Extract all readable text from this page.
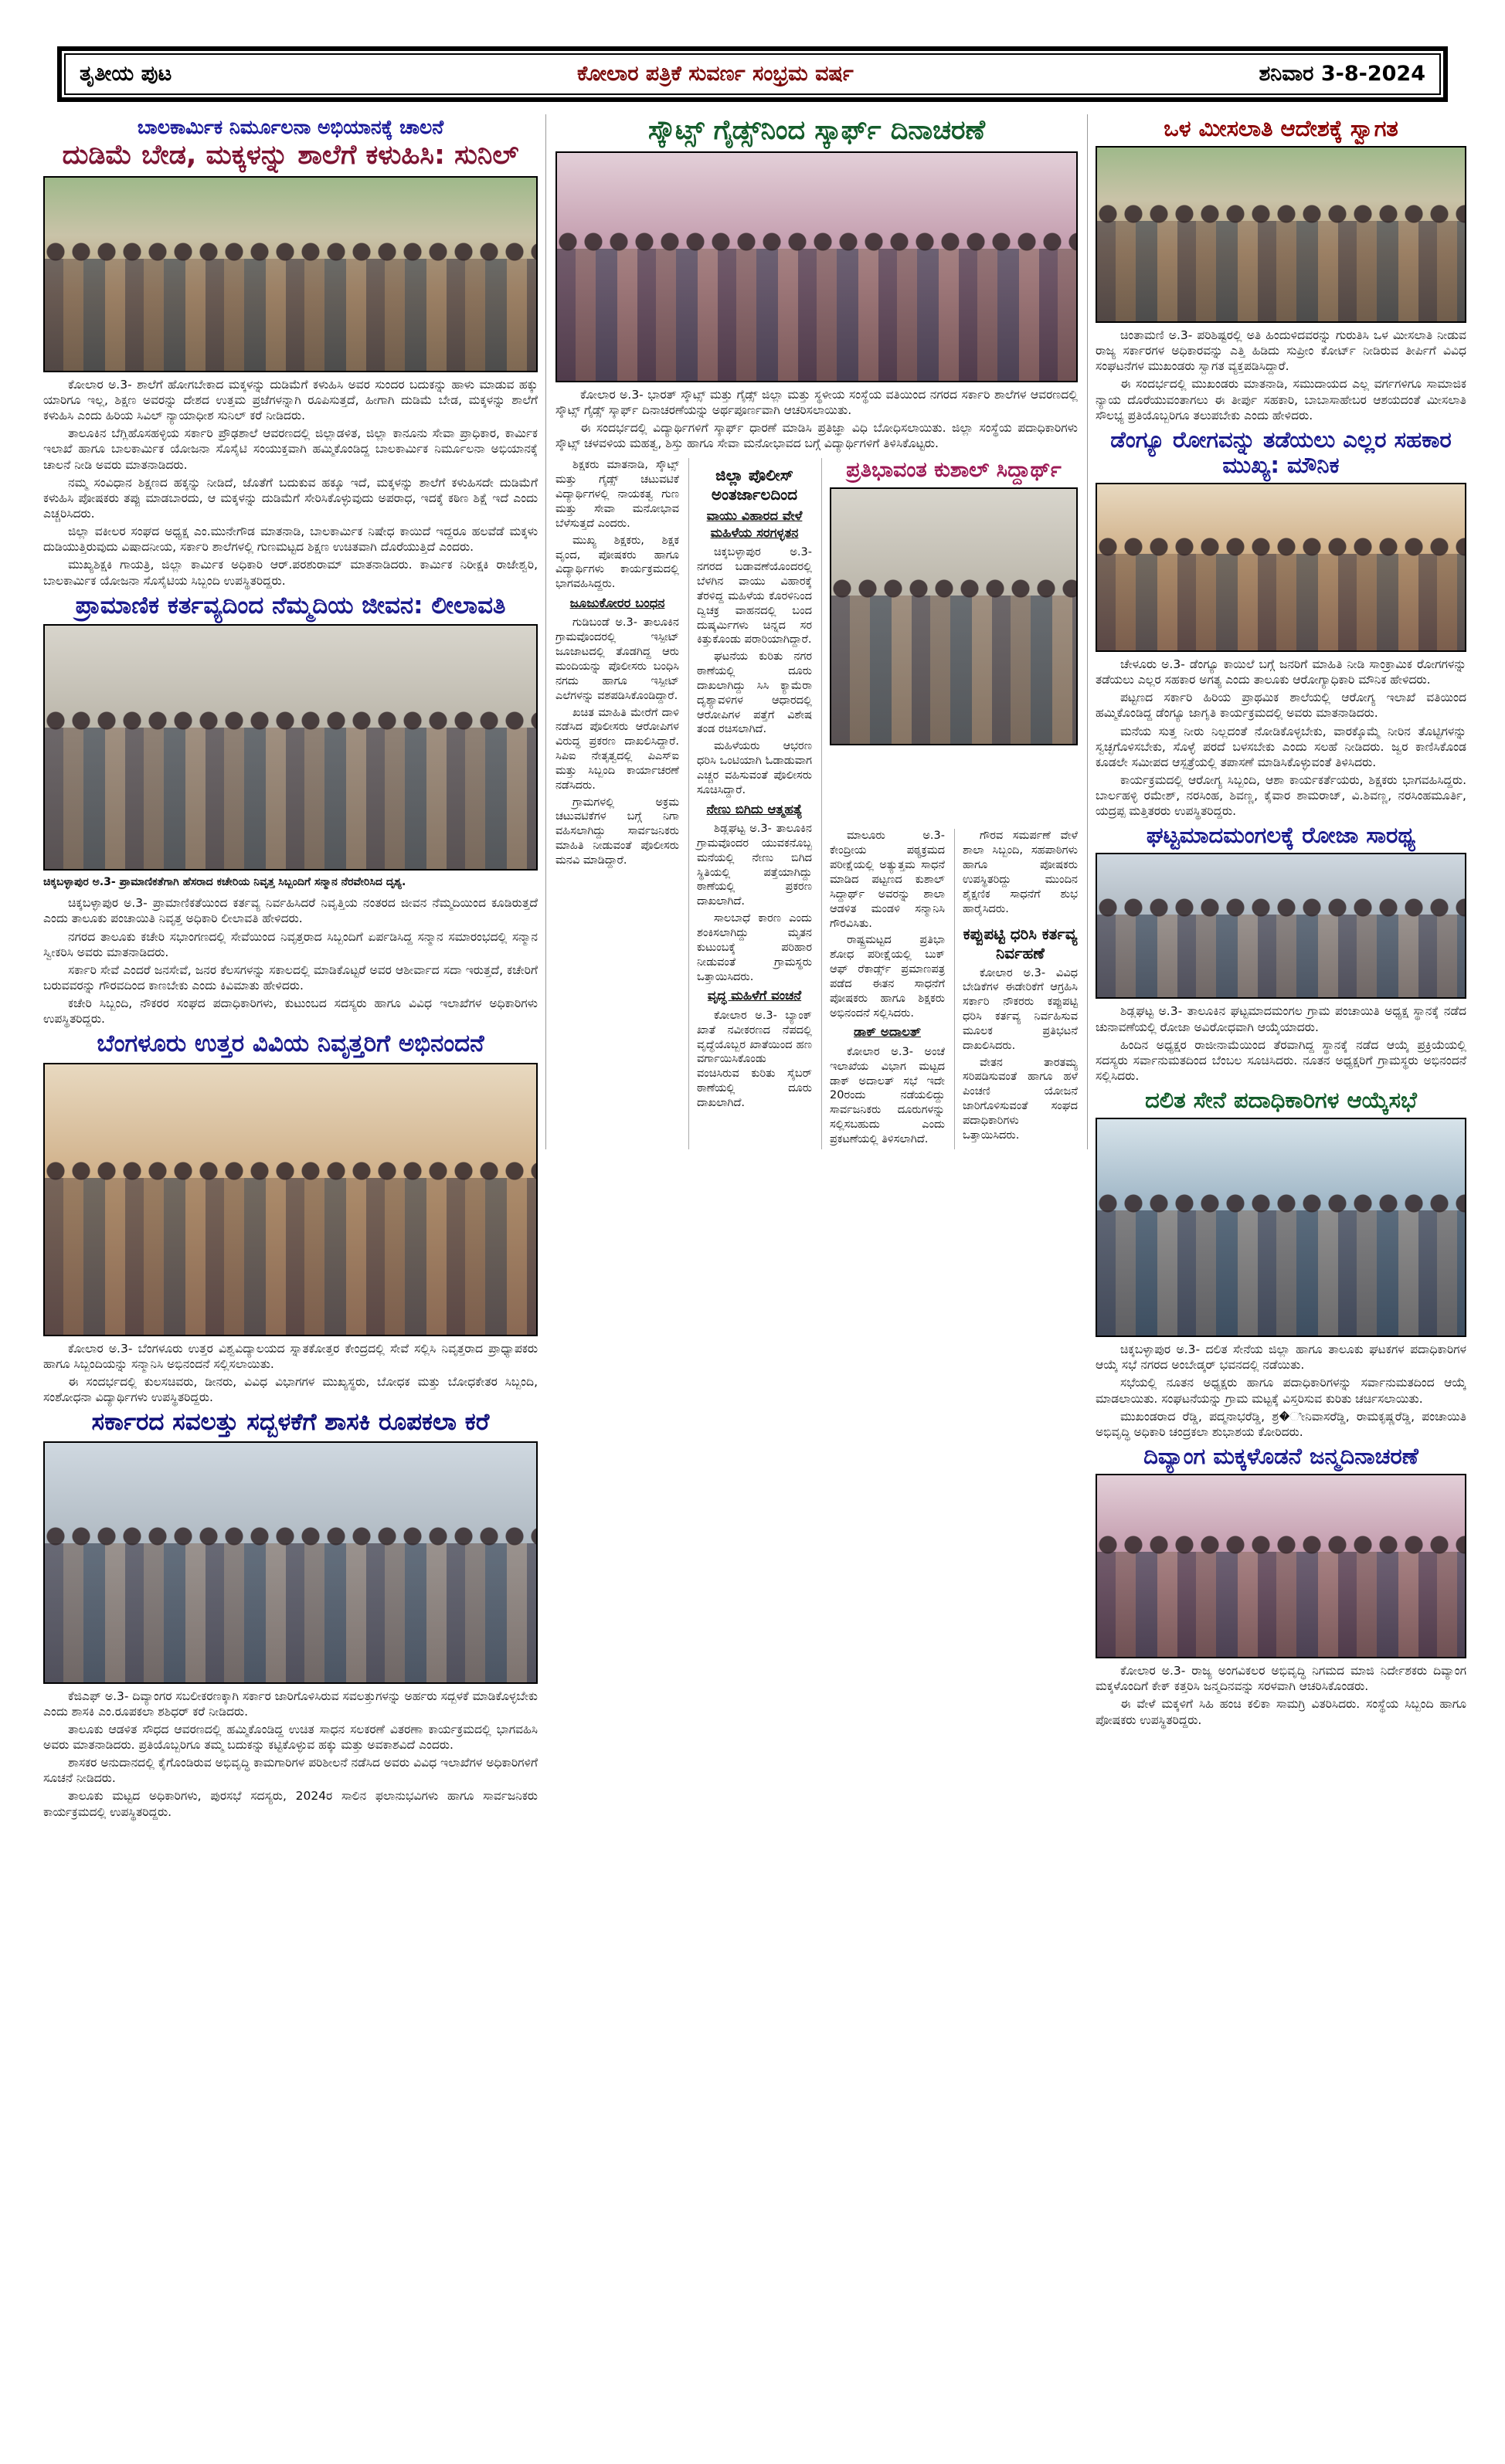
ತೃತೀಯ ಪುಟ	ಕೋಲಾರ ಪತ್ರಿಕೆ ಸುವರ್ಣ ಸಂಭ್ರಮ ವರ್ಷ	ಶನಿವಾರ 3-8-2024
ಬಾಲಕಾರ್ಮಿಕ ನಿರ್ಮೂಲನಾ ಅಭಿಯಾನಕ್ಕೆ ಚಾಲನೆ
ದುಡಿಮೆ ಬೇಡ, ಮಕ್ಕಳನ್ನು ಶಾಲೆಗೆ ಕಳುಹಿಸಿ: ಸುನಿಲ್

ಕೋಲಾರ ಅ.3- ಶಾಲೆಗೆ ಹೋಗಬೇಕಾದ ಮಕ್ಕಳನ್ನು ದುಡಿಮೆಗೆ ಕಳುಹಿಸಿ ಅವರ ಸುಂದರ ಬದುಕನ್ನು ಹಾಳು ಮಾಡುವ ಹಕ್ಕು ಯಾರಿಗೂ ಇಲ್ಲ, ಶಿಕ್ಷಣ ಅವರನ್ನು ದೇಶದ ಉತ್ತಮ ಪ್ರಜೆಗಳನ್ನಾಗಿ ರೂಪಿಸುತ್ತದೆ, ಹೀಗಾಗಿ ದುಡಿಮೆ ಬೇಡ, ಮಕ್ಕಳನ್ನು ಶಾಲೆಗೆ ಕಳುಹಿಸಿ ಎಂದು ಹಿರಿಯ ಸಿವಿಲ್ ನ್ಯಾಯಾಧೀಶ ಸುನಿಲ್ ಕರೆ ನೀಡಿದರು.

ತಾಲೂಕಿನ ಬೆಗ್ಲಿಹೊಸಹಳ್ಳಿಯ ಸರ್ಕಾರಿ ಪ್ರೌಢಶಾಲೆ ಆವರಣದಲ್ಲಿ ಜಿಲ್ಲಾಡಳಿತ, ಜಿಲ್ಲಾ ಕಾನೂನು ಸೇವಾ ಪ್ರಾಧಿಕಾರ, ಕಾರ್ಮಿಕ ಇಲಾಖೆ ಹಾಗೂ ಬಾಲಕಾರ್ಮಿಕ ಯೋಜನಾ ಸೊಸೈಟಿ ಸಂಯುಕ್ತವಾಗಿ ಹಮ್ಮಿಕೊಂಡಿದ್ದ ಬಾಲಕಾರ್ಮಿಕ ನಿರ್ಮೂಲನಾ ಅಭಿಯಾನಕ್ಕೆ ಚಾಲನೆ ನೀಡಿ ಅವರು ಮಾತನಾಡಿದರು.

ನಮ್ಮ ಸಂವಿಧಾನ ಶಿಕ್ಷಣದ ಹಕ್ಕನ್ನು ನೀಡಿದೆ, ಜೊತೆಗೆ ಬದುಕುವ ಹಕ್ಕೂ ಇದೆ, ಮಕ್ಕಳನ್ನು ಶಾಲೆಗೆ ಕಳುಹಿಸದೇ ದುಡಿಮೆಗೆ ಕಳುಹಿಸಿ ಪೋಷಕರು ತಪ್ಪು ಮಾಡಬಾರದು, ಆ ಮಕ್ಕಳನ್ನು ದುಡಿಮೆಗೆ ಸೇರಿಸಿಕೊಳ್ಳುವುದು ಅಪರಾಧ, ಇದಕ್ಕೆ ಕಠಿಣ ಶಿಕ್ಷೆ ಇದೆ ಎಂದು ಎಚ್ಚರಿಸಿದರು.

ಜಿಲ್ಲಾ ವಕೀಲರ ಸಂಘದ ಅಧ್ಯಕ್ಷ ಎಂ.ಮುನೇಗೌಡ ಮಾತನಾಡಿ, ಬಾಲಕಾರ್ಮಿಕ ನಿಷೇಧ ಕಾಯಿದೆ ಇದ್ದರೂ ಹಲವೆಡೆ ಮಕ್ಕಳು ದುಡಿಯುತ್ತಿರುವುದು ವಿಷಾದನೀಯ, ಸರ್ಕಾರಿ ಶಾಲೆಗಳಲ್ಲಿ ಗುಣಮಟ್ಟದ ಶಿಕ್ಷಣ ಉಚಿತವಾಗಿ ದೊರೆಯುತ್ತಿದೆ ಎಂದರು.

ಮುಖ್ಯಶಿಕ್ಷಕಿ ಗಾಯತ್ರಿ, ಜಿಲ್ಲಾ ಕಾರ್ಮಿಕ ಅಧಿಕಾರಿ ಆರ್.ಪರಶುರಾಮ್ ಮಾತನಾಡಿದರು. ಕಾರ್ಮಿಕ ನಿರೀಕ್ಷಕಿ ರಾಜೇಶ್ವರಿ, ಬಾಲಕಾರ್ಮಿಕ ಯೋಜನಾ ಸೊಸೈಟಿಯ ಸಿಬ್ಬಂದಿ ಉಪಸ್ಥಿತರಿದ್ದರು.

ಪ್ರಾಮಾಣಿಕ ಕರ್ತವ್ಯದಿಂದ ನೆಮ್ಮದಿಯ ಜೀವನ: ಲೀಲಾವತಿ
ಚಿಕ್ಕಬಳ್ಳಾಪುರ ಅ.3- ಪ್ರಾಮಾಣಿಕತೆಗಾಗಿ ಹೆಸರಾದ ಕಚೇರಿಯ ನಿವೃತ್ತ ಸಿಬ್ಬಂದಿಗೆ ಸನ್ಮಾನ ನೆರವೇರಿಸಿದ ದೃಶ್ಯ.

ಚಿಕ್ಕಬಳ್ಳಾಪುರ ಅ.3- ಪ್ರಾಮಾಣಿಕತೆಯಿಂದ ಕರ್ತವ್ಯ ನಿರ್ವಹಿಸಿದರೆ ನಿವೃತ್ತಿಯ ನಂತರದ ಜೀವನ ನೆಮ್ಮದಿಯಿಂದ ಕೂಡಿರುತ್ತದೆ ಎಂದು ತಾಲೂಕು ಪಂಚಾಯಿತಿ ನಿವೃತ್ತ ಅಧಿಕಾರಿ ಲೀಲಾವತಿ ಹೇಳಿದರು.

ನಗರದ ತಾಲೂಕು ಕಚೇರಿ ಸಭಾಂಗಣದಲ್ಲಿ ಸೇವೆಯಿಂದ ನಿವೃತ್ತರಾದ ಸಿಬ್ಬಂದಿಗೆ ಏರ್ಪಡಿಸಿದ್ದ ಸನ್ಮಾನ ಸಮಾರಂಭದಲ್ಲಿ ಸನ್ಮಾನ ಸ್ವೀಕರಿಸಿ ಅವರು ಮಾತನಾಡಿದರು.

ಸರ್ಕಾರಿ ಸೇವೆ ಎಂದರೆ ಜನಸೇವೆ, ಜನರ ಕೆಲಸಗಳನ್ನು ಸಕಾಲದಲ್ಲಿ ಮಾಡಿಕೊಟ್ಟರೆ ಅವರ ಆಶೀರ್ವಾದ ಸದಾ ಇರುತ್ತದೆ, ಕಚೇರಿಗೆ ಬರುವವರನ್ನು ಗೌರವದಿಂದ ಕಾಣಬೇಕು ಎಂದು ಕಿವಿಮಾತು ಹೇಳಿದರು.

ಕಚೇರಿ ಸಿಬ್ಬಂದಿ, ನೌಕರರ ಸಂಘದ ಪದಾಧಿಕಾರಿಗಳು, ಕುಟುಂಬದ ಸದಸ್ಯರು ಹಾಗೂ ವಿವಿಧ ಇಲಾಖೆಗಳ ಅಧಿಕಾರಿಗಳು ಉಪಸ್ಥಿತರಿದ್ದರು.

ಬೆಂಗಳೂರು ಉತ್ತರ ವಿವಿಯ ನಿವೃತ್ತರಿಗೆ ಅಭಿನಂದನೆ

ಕೋಲಾರ ಅ.3- ಬೆಂಗಳೂರು ಉತ್ತರ ವಿಶ್ವವಿದ್ಯಾಲಯದ ಸ್ನಾತಕೋತ್ತರ ಕೇಂದ್ರದಲ್ಲಿ ಸೇವೆ ಸಲ್ಲಿಸಿ ನಿವೃತ್ತರಾದ ಪ್ರಾಧ್ಯಾಪಕರು ಹಾಗೂ ಸಿಬ್ಬಂದಿಯನ್ನು ಸನ್ಮಾನಿಸಿ ಅಭಿನಂದನೆ ಸಲ್ಲಿಸಲಾಯಿತು.

ಈ ಸಂದರ್ಭದಲ್ಲಿ ಕುಲಸಚಿವರು, ಡೀನರು, ವಿವಿಧ ವಿಭಾಗಗಳ ಮುಖ್ಯಸ್ಥರು, ಬೋಧಕ ಮತ್ತು ಬೋಧಕೇತರ ಸಿಬ್ಬಂದಿ, ಸಂಶೋಧನಾ ವಿದ್ಯಾರ್ಥಿಗಳು ಉಪಸ್ಥಿತರಿದ್ದರು.

ಸರ್ಕಾರದ ಸವಲತ್ತು ಸದ್ಬಳಕೆಗೆ ಶಾಸಕಿ ರೂಪಕಲಾ ಕರೆ

ಕೆಜಿಎಫ್ ಅ.3- ದಿವ್ಯಾಂಗರ ಸಬಲೀಕರಣಕ್ಕಾಗಿ ಸರ್ಕಾರ ಜಾರಿಗೊಳಿಸಿರುವ ಸವಲತ್ತುಗಳನ್ನು ಅರ್ಹರು ಸದ್ಬಳಕೆ ಮಾಡಿಕೊಳ್ಳಬೇಕು ಎಂದು ಶಾಸಕಿ ಎಂ.ರೂಪಕಲಾ ಶಶಿಧರ್ ಕರೆ ನೀಡಿದರು.

ತಾಲೂಕು ಆಡಳಿತ ಸೌಧದ ಆವರಣದಲ್ಲಿ ಹಮ್ಮಿಕೊಂಡಿದ್ದ ಉಚಿತ ಸಾಧನ ಸಲಕರಣೆ ವಿತರಣಾ ಕಾರ್ಯಕ್ರಮದಲ್ಲಿ ಭಾಗವಹಿಸಿ ಅವರು ಮಾತನಾಡಿದರು. ಪ್ರತಿಯೊಬ್ಬರಿಗೂ ತಮ್ಮ ಬದುಕನ್ನು ಕಟ್ಟಿಕೊಳ್ಳುವ ಹಕ್ಕು ಮತ್ತು ಅವಕಾಶವಿದೆ ಎಂದರು.

ಶಾಸಕರ ಅನುದಾನದಲ್ಲಿ ಕೈಗೊಂಡಿರುವ ಅಭಿವೃದ್ಧಿ ಕಾಮಗಾರಿಗಳ ಪರಿಶೀಲನೆ ನಡೆಸಿದ ಅವರು ವಿವಿಧ ಇಲಾಖೆಗಳ ಅಧಿಕಾರಿಗಳಿಗೆ ಸೂಚನೆ ನೀಡಿದರು.

ತಾಲೂಕು ಮಟ್ಟದ ಅಧಿಕಾರಿಗಳು, ಪುರಸಭೆ ಸದಸ್ಯರು, 2024ರ ಸಾಲಿನ ಫಲಾನುಭವಿಗಳು ಹಾಗೂ ಸಾರ್ವಜನಿಕರು ಕಾರ್ಯಕ್ರಮದಲ್ಲಿ ಉಪಸ್ಥಿತರಿದ್ದರು.

ಸ್ಕೌಟ್ಸ್ ಗೈಡ್ಸ್‌ನಿಂದ ಸ್ಕಾರ್ಫ್ ದಿನಾಚರಣೆ

ಕೋಲಾರ ಅ.3- ಭಾರತ್ ಸ್ಕೌಟ್ಸ್ ಮತ್ತು ಗೈಡ್ಸ್ ಜಿಲ್ಲಾ ಮತ್ತು ಸ್ಥಳೀಯ ಸಂಸ್ಥೆಯ ವತಿಯಿಂದ ನಗರದ ಸರ್ಕಾರಿ ಶಾಲೆಗಳ ಆವರಣದಲ್ಲಿ ಸ್ಕೌಟ್ಸ್ ಗೈಡ್ಸ್ ಸ್ಕಾರ್ಫ್ ದಿನಾಚರಣೆಯನ್ನು ಅರ್ಥಪೂರ್ಣವಾಗಿ ಆಚರಿಸಲಾಯಿತು.

ಈ ಸಂದರ್ಭದಲ್ಲಿ ವಿದ್ಯಾರ್ಥಿಗಳಿಗೆ ಸ್ಕಾರ್ಫ್ ಧಾರಣೆ ಮಾಡಿಸಿ ಪ್ರತಿಜ್ಞಾ ವಿಧಿ ಬೋಧಿಸಲಾಯಿತು. ಜಿಲ್ಲಾ ಸಂಸ್ಥೆಯ ಪದಾಧಿಕಾರಿಗಳು ಸ್ಕೌಟ್ಸ್ ಚಳವಳಿಯ ಮಹತ್ವ, ಶಿಸ್ತು ಹಾಗೂ ಸೇವಾ ಮನೋಭಾವದ ಬಗ್ಗೆ ವಿದ್ಯಾರ್ಥಿಗಳಿಗೆ ತಿಳಿಸಿಕೊಟ್ಟರು.

ಶಿಕ್ಷಕರು ಮಾತನಾಡಿ, ಸ್ಕೌಟ್ಸ್ ಮತ್ತು ಗೈಡ್ಸ್ ಚಟುವಟಿಕೆ ವಿದ್ಯಾರ್ಥಿಗಳಲ್ಲಿ ನಾಯಕತ್ವ ಗುಣ ಮತ್ತು ಸೇವಾ ಮನೋಭಾವ ಬೆಳೆಸುತ್ತದೆ ಎಂದರು.

ಮುಖ್ಯ ಶಿಕ್ಷಕರು, ಶಿಕ್ಷಕ ವೃಂದ, ಪೋಷಕರು ಹಾಗೂ ವಿದ್ಯಾರ್ಥಿಗಳು ಕಾರ್ಯಕ್ರಮದಲ್ಲಿ ಭಾಗವಹಿಸಿದ್ದರು.

ಜೂಜುಕೋರರ ಬಂಧನ

ಗುಡಿಬಂಡೆ ಅ.3- ತಾಲೂಕಿನ ಗ್ರಾಮವೊಂದರಲ್ಲಿ ಇಸ್ಪೀಟ್ ಜೂಜಾಟದಲ್ಲಿ ತೊಡಗಿದ್ದ ಆರು ಮಂದಿಯನ್ನು ಪೊಲೀಸರು ಬಂಧಿಸಿ ನಗದು ಹಾಗೂ ಇಸ್ಪೀಟ್ ಎಲೆಗಳನ್ನು ವಶಪಡಿಸಿಕೊಂಡಿದ್ದಾರೆ.

ಖಚಿತ ಮಾಹಿತಿ ಮೇರೆಗೆ ದಾಳಿ ನಡೆಸಿದ ಪೊಲೀಸರು ಆರೋಪಿಗಳ ವಿರುದ್ಧ ಪ್ರಕರಣ ದಾಖಲಿಸಿದ್ದಾರೆ. ಸಿಪಿಐ ನೇತೃತ್ವದಲ್ಲಿ ಪಿಎಸ್ಐ ಮತ್ತು ಸಿಬ್ಬಂದಿ ಕಾರ್ಯಾಚರಣೆ ನಡೆಸಿದರು.

ಗ್ರಾಮಗಳಲ್ಲಿ ಅಕ್ರಮ ಚಟುವಟಿಕೆಗಳ ಬಗ್ಗೆ ನಿಗಾ ವಹಿಸಲಾಗಿದ್ದು ಸಾರ್ವಜನಿಕರು ಮಾಹಿತಿ ನೀಡುವಂತೆ ಪೊಲೀಸರು ಮನವಿ ಮಾಡಿದ್ದಾರೆ.

ಜಿಲ್ಲಾ ಪೊಲೀಸ್ ಅಂತರ್ಜಾಲದಿಂದ
ವಾಯು ವಿಹಾರದ ವೇಳೆ ಮಹಿಳೆಯ ಸರಗಳ್ಳತನ

ಚಿಕ್ಕಬಳ್ಳಾಪುರ ಅ.3- ನಗರದ ಬಡಾವಣೆಯೊಂದರಲ್ಲಿ ಬೆಳಗಿನ ವಾಯು ವಿಹಾರಕ್ಕೆ ತೆರಳಿದ್ದ ಮಹಿಳೆಯ ಕೊರಳಿನಿಂದ ದ್ವಿಚಕ್ರ ವಾಹನದಲ್ಲಿ ಬಂದ ದುಷ್ಕರ್ಮಿಗಳು ಚಿನ್ನದ ಸರ ಕಿತ್ತುಕೊಂಡು ಪರಾರಿಯಾಗಿದ್ದಾರೆ.

ಘಟನೆಯ ಕುರಿತು ನಗರ ಠಾಣೆಯಲ್ಲಿ ದೂರು ದಾಖಲಾಗಿದ್ದು ಸಿಸಿ ಕ್ಯಾಮೆರಾ ದೃಶ್ಯಾವಳಿಗಳ ಆಧಾರದಲ್ಲಿ ಆರೋಪಿಗಳ ಪತ್ತೆಗೆ ವಿಶೇಷ ತಂಡ ರಚಿಸಲಾಗಿದೆ.

ಮಹಿಳೆಯರು ಆಭರಣ ಧರಿಸಿ ಒಂಟಿಯಾಗಿ ಓಡಾಡುವಾಗ ಎಚ್ಚರ ವಹಿಸುವಂತೆ ಪೊಲೀಸರು ಸೂಚಿಸಿದ್ದಾರೆ.

ನೇಣು ಬಿಗಿದು ಆತ್ಮಹತ್ಯೆ

ಶಿಡ್ಲಘಟ್ಟ ಅ.3- ತಾಲೂಕಿನ ಗ್ರಾಮವೊಂದರ ಯುವಕನೊಬ್ಬ ಮನೆಯಲ್ಲಿ ನೇಣು ಬಿಗಿದ ಸ್ಥಿತಿಯಲ್ಲಿ ಪತ್ತೆಯಾಗಿದ್ದು ಠಾಣೆಯಲ್ಲಿ ಪ್ರಕರಣ ದಾಖಲಾಗಿದೆ.

ಸಾಲಬಾಧೆ ಕಾರಣ ಎಂದು ಶಂಕಿಸಲಾಗಿದ್ದು ಮೃತನ ಕುಟುಂಬಕ್ಕೆ ಪರಿಹಾರ ನೀಡುವಂತೆ ಗ್ರಾಮಸ್ಥರು ಒತ್ತಾಯಿಸಿದರು.

ವೃದ್ಧ ಮಹಿಳೆಗೆ ವಂಚನೆ

ಕೋಲಾರ ಅ.3- ಬ್ಯಾಂಕ್ ಖಾತೆ ನವೀಕರಣದ ನೆಪದಲ್ಲಿ ವೃದ್ಧೆಯೊಬ್ಬರ ಖಾತೆಯಿಂದ ಹಣ ವರ್ಗಾಯಿಸಿಕೊಂಡು ವಂಚಿಸಿರುವ ಕುರಿತು ಸೈಬರ್ ಠಾಣೆಯಲ್ಲಿ ದೂರು ದಾಖಲಾಗಿದೆ.

ಪ್ರತಿಭಾವಂತ ಕುಶಾಲ್ ಸಿದ್ದಾರ್ಥ್

ಮಾಲೂರು ಅ.3- ಕೇಂದ್ರೀಯ ಪಠ್ಯಕ್ರಮದ ಪರೀಕ್ಷೆಯಲ್ಲಿ ಅತ್ಯುತ್ತಮ ಸಾಧನೆ ಮಾಡಿದ ಪಟ್ಟಣದ ಕುಶಾಲ್ ಸಿದ್ದಾರ್ಥ್ ಅವರನ್ನು ಶಾಲಾ ಆಡಳಿತ ಮಂಡಳಿ ಸನ್ಮಾನಿಸಿ ಗೌರವಿಸಿತು.

ರಾಷ್ಟ್ರಮಟ್ಟದ ಪ್ರತಿಭಾ ಶೋಧ ಪರೀಕ್ಷೆಯಲ್ಲಿ ಬುಕ್ ಆಫ್ ರೆಕಾರ್ಡ್ಸ್ ಪ್ರಮಾಣಪತ್ರ ಪಡೆದ ಈತನ ಸಾಧನೆಗೆ ಪೋಷಕರು ಹಾಗೂ ಶಿಕ್ಷಕರು ಅಭಿನಂದನೆ ಸಲ್ಲಿಸಿದರು.

ಡಾಕ್ ಅದಾಲತ್

ಕೋಲಾರ ಅ.3- ಅಂಚೆ ಇಲಾಖೆಯ ವಿಭಾಗ ಮಟ್ಟದ ಡಾಕ್ ಅದಾಲತ್ ಸಭೆ ಇದೇ 20ರಂದು ನಡೆಯಲಿದ್ದು ಸಾರ್ವಜನಿಕರು ದೂರುಗಳನ್ನು ಸಲ್ಲಿಸಬಹುದು ಎಂದು ಪ್ರಕಟಣೆಯಲ್ಲಿ ತಿಳಿಸಲಾಗಿದೆ.

ಗೌರವ ಸಮರ್ಪಣೆ ವೇಳೆ ಶಾಲಾ ಸಿಬ್ಬಂದಿ, ಸಹಪಾಠಿಗಳು ಹಾಗೂ ಪೋಷಕರು ಉಪಸ್ಥಿತರಿದ್ದು ಮುಂದಿನ ಶೈಕ್ಷಣಿಕ ಸಾಧನೆಗೆ ಶುಭ ಹಾರೈಸಿದರು.

ಕಪ್ಪುಪಟ್ಟಿ ಧರಿಸಿ ಕರ್ತವ್ಯ ನಿರ್ವಹಣೆ

ಕೋಲಾರ ಅ.3- ವಿವಿಧ ಬೇಡಿಕೆಗಳ ಈಡೇರಿಕೆಗೆ ಆಗ್ರಹಿಸಿ ಸರ್ಕಾರಿ ನೌಕರರು ಕಪ್ಪುಪಟ್ಟಿ ಧರಿಸಿ ಕರ್ತವ್ಯ ನಿರ್ವಹಿಸುವ ಮೂಲಕ ಪ್ರತಿಭಟನೆ ದಾಖಲಿಸಿದರು.

ವೇತನ ತಾರತಮ್ಯ ಸರಿಪಡಿಸುವಂತೆ ಹಾಗೂ ಹಳೆ ಪಿಂಚಣಿ ಯೋಜನೆ ಜಾರಿಗೊಳಿಸುವಂತೆ ಸಂಘದ ಪದಾಧಿಕಾರಿಗಳು ಒತ್ತಾಯಿಸಿದರು.

ಒಳ ಮೀಸಲಾತಿ ಆದೇಶಕ್ಕೆ ಸ್ವಾಗತ

ಚಿಂತಾಮಣಿ ಅ.3- ಪರಿಶಿಷ್ಟರಲ್ಲಿ ಅತಿ ಹಿಂದುಳಿದವರನ್ನು ಗುರುತಿಸಿ ಒಳ ಮೀಸಲಾತಿ ನೀಡುವ ರಾಜ್ಯ ಸರ್ಕಾರಗಳ ಅಧಿಕಾರವನ್ನು ಎತ್ತಿ ಹಿಡಿದು ಸುಪ್ರೀಂ ಕೋರ್ಟ್ ನೀಡಿರುವ ತೀರ್ಪಿಗೆ ವಿವಿಧ ಸಂಘಟನೆಗಳ ಮುಖಂಡರು ಸ್ವಾಗತ ವ್ಯಕ್ತಪಡಿಸಿದ್ದಾರೆ.

ಈ ಸಂದರ್ಭದಲ್ಲಿ ಮುಖಂಡರು ಮಾತನಾಡಿ, ಸಮುದಾಯದ ಎಲ್ಲ ವರ್ಗಗಳಿಗೂ ಸಾಮಾಜಿಕ ನ್ಯಾಯ ದೊರೆಯುವಂತಾಗಲು ಈ ತೀರ್ಪು ಸಹಕಾರಿ, ಬಾಬಾಸಾಹೇಬರ ಆಶಯದಂತೆ ಮೀಸಲಾತಿ ಸೌಲಭ್ಯ ಪ್ರತಿಯೊಬ್ಬರಿಗೂ ತಲುಪಬೇಕು ಎಂದು ಹೇಳಿದರು.

ಡೆಂಗ್ಯೂ ರೋಗವನ್ನು ತಡೆಯಲು ಎಲ್ಲರ ಸಹಕಾರ ಮುಖ್ಯ: ಮೌನಿಕ

ಚೇಳೂರು ಅ.3- ಡೆಂಗ್ಯೂ ಕಾಯಿಲೆ ಬಗ್ಗೆ ಜನರಿಗೆ ಮಾಹಿತಿ ನೀಡಿ ಸಾಂಕ್ರಾಮಿಕ ರೋಗಗಳನ್ನು ತಡೆಯಲು ಎಲ್ಲರ ಸಹಕಾರ ಅಗತ್ಯ ಎಂದು ತಾಲೂಕು ಆರೋಗ್ಯಾಧಿಕಾರಿ ಮೌನಿಕ ಹೇಳಿದರು.

ಪಟ್ಟಣದ ಸರ್ಕಾರಿ ಹಿರಿಯ ಪ್ರಾಥಮಿಕ ಶಾಲೆಯಲ್ಲಿ ಆರೋಗ್ಯ ಇಲಾಖೆ ವತಿಯಿಂದ ಹಮ್ಮಿಕೊಂಡಿದ್ದ ಡೆಂಗ್ಯೂ ಜಾಗೃತಿ ಕಾರ್ಯಕ್ರಮದಲ್ಲಿ ಅವರು ಮಾತನಾಡಿದರು.

ಮನೆಯ ಸುತ್ತ ನೀರು ನಿಲ್ಲದಂತೆ ನೋಡಿಕೊಳ್ಳಬೇಕು, ವಾರಕ್ಕೊಮ್ಮೆ ನೀರಿನ ತೊಟ್ಟಿಗಳನ್ನು ಸ್ವಚ್ಛಗೊಳಿಸಬೇಕು, ಸೊಳ್ಳೆ ಪರದೆ ಬಳಸಬೇಕು ಎಂದು ಸಲಹೆ ನೀಡಿದರು. ಜ್ವರ ಕಾಣಿಸಿಕೊಂಡ ಕೂಡಲೇ ಸಮೀಪದ ಆಸ್ಪತ್ರೆಯಲ್ಲಿ ತಪಾಸಣೆ ಮಾಡಿಸಿಕೊಳ್ಳುವಂತೆ ತಿಳಿಸಿದರು.

ಕಾರ್ಯಕ್ರಮದಲ್ಲಿ ಆರೋಗ್ಯ ಸಿಬ್ಬಂದಿ, ಆಶಾ ಕಾರ್ಯಕರ್ತೆಯರು, ಶಿಕ್ಷಕರು ಭಾಗವಹಿಸಿದ್ದರು. ಬಾರ್ಲಹಳ್ಳಿ ರಮೇಶ್, ನರಸಿಂಹ, ಶಿವಣ್ಣ, ಕೈವಾರ ಶಾಮರಾಜ್, ವಿ.ಶಿವಣ್ಣ, ನರಸಿಂಹಮೂರ್ತಿ, ಯದ್ರಪ್ಪ ಮತ್ತಿತರರು ಉಪಸ್ಥಿತರಿದ್ದರು.

ಘಟ್ಟಮಾದಮಂಗಲಕ್ಕೆ ರೋಜಾ ಸಾರಥ್ಯ

ಶಿಡ್ಲಘಟ್ಟ ಅ.3- ತಾಲೂಕಿನ ಘಟ್ಟಮಾದಮಂಗಲ ಗ್ರಾಮ ಪಂಚಾಯಿತಿ ಅಧ್ಯಕ್ಷ ಸ್ಥಾನಕ್ಕೆ ನಡೆದ ಚುನಾವಣೆಯಲ್ಲಿ ರೋಜಾ ಅವಿರೋಧವಾಗಿ ಆಯ್ಕೆಯಾದರು.

ಹಿಂದಿನ ಅಧ್ಯಕ್ಷರ ರಾಜೀನಾಮೆಯಿಂದ ತೆರವಾಗಿದ್ದ ಸ್ಥಾನಕ್ಕೆ ನಡೆದ ಆಯ್ಕೆ ಪ್ರಕ್ರಿಯೆಯಲ್ಲಿ ಸದಸ್ಯರು ಸರ್ವಾನುಮತದಿಂದ ಬೆಂಬಲ ಸೂಚಿಸಿದರು. ನೂತನ ಅಧ್ಯಕ್ಷರಿಗೆ ಗ್ರಾಮಸ್ಥರು ಅಭಿನಂದನೆ ಸಲ್ಲಿಸಿದರು.

ದಲಿತ ಸೇನೆ ಪದಾಧಿಕಾರಿಗಳ ಆಯ್ಕೆಸಭೆ

ಚಿಕ್ಕಬಳ್ಳಾಪುರ ಅ.3- ದಲಿತ ಸೇನೆಯ ಜಿಲ್ಲಾ ಹಾಗೂ ತಾಲೂಕು ಘಟಕಗಳ ಪದಾಧಿಕಾರಿಗಳ ಆಯ್ಕೆ ಸಭೆ ನಗರದ ಅಂಬೇಡ್ಕರ್ ಭವನದಲ್ಲಿ ನಡೆಯಿತು.

ಸಭೆಯಲ್ಲಿ ನೂತನ ಅಧ್ಯಕ್ಷರು ಹಾಗೂ ಪದಾಧಿಕಾರಿಗಳನ್ನು ಸರ್ವಾನುಮತದಿಂದ ಆಯ್ಕೆ ಮಾಡಲಾಯಿತು. ಸಂಘಟನೆಯನ್ನು ಗ್ರಾಮ ಮಟ್ಟಕ್ಕೆ ವಿಸ್ತರಿಸುವ ಕುರಿತು ಚರ್ಚಿಸಲಾಯಿತು.

ಮುಖಂಡರಾದ ರೆಡ್ಡಿ, ಪದ್ಮನಾಭರೆಡ್ಡಿ, ಶ್ರ�ೀನಿವಾಸರೆಡ್ಡಿ, ರಾಮಕೃಷ್ಣರೆಡ್ಡಿ, ಪಂಚಾಯಿತಿ ಅಭಿವೃದ್ಧಿ ಅಧಿಕಾರಿ ಚಂದ್ರಕಲಾ ಶುಭಾಶಯ ಕೋರಿದರು.

ದಿವ್ಯಾಂಗ ಮಕ್ಕಳೊಡನೆ ಜನ್ಮದಿನಾಚರಣೆ

ಕೋಲಾರ ಅ.3- ರಾಜ್ಯ ಅಂಗವಿಕಲರ ಅಭಿವೃದ್ಧಿ ನಿಗಮದ ಮಾಜಿ ನಿರ್ದೇಶಕರು ದಿವ್ಯಾಂಗ ಮಕ್ಕಳೊಂದಿಗೆ ಕೇಕ್ ಕತ್ತರಿಸಿ ಜನ್ಮದಿನವನ್ನು ಸರಳವಾಗಿ ಆಚರಿಸಿಕೊಂಡರು.

ಈ ವೇಳೆ ಮಕ್ಕಳಿಗೆ ಸಿಹಿ ಹಂಚಿ ಕಲಿಕಾ ಸಾಮಗ್ರಿ ವಿತರಿಸಿದರು. ಸಂಸ್ಥೆಯ ಸಿಬ್ಬಂದಿ ಹಾಗೂ ಪೋಷಕರು ಉಪಸ್ಥಿತರಿದ್ದರು.
